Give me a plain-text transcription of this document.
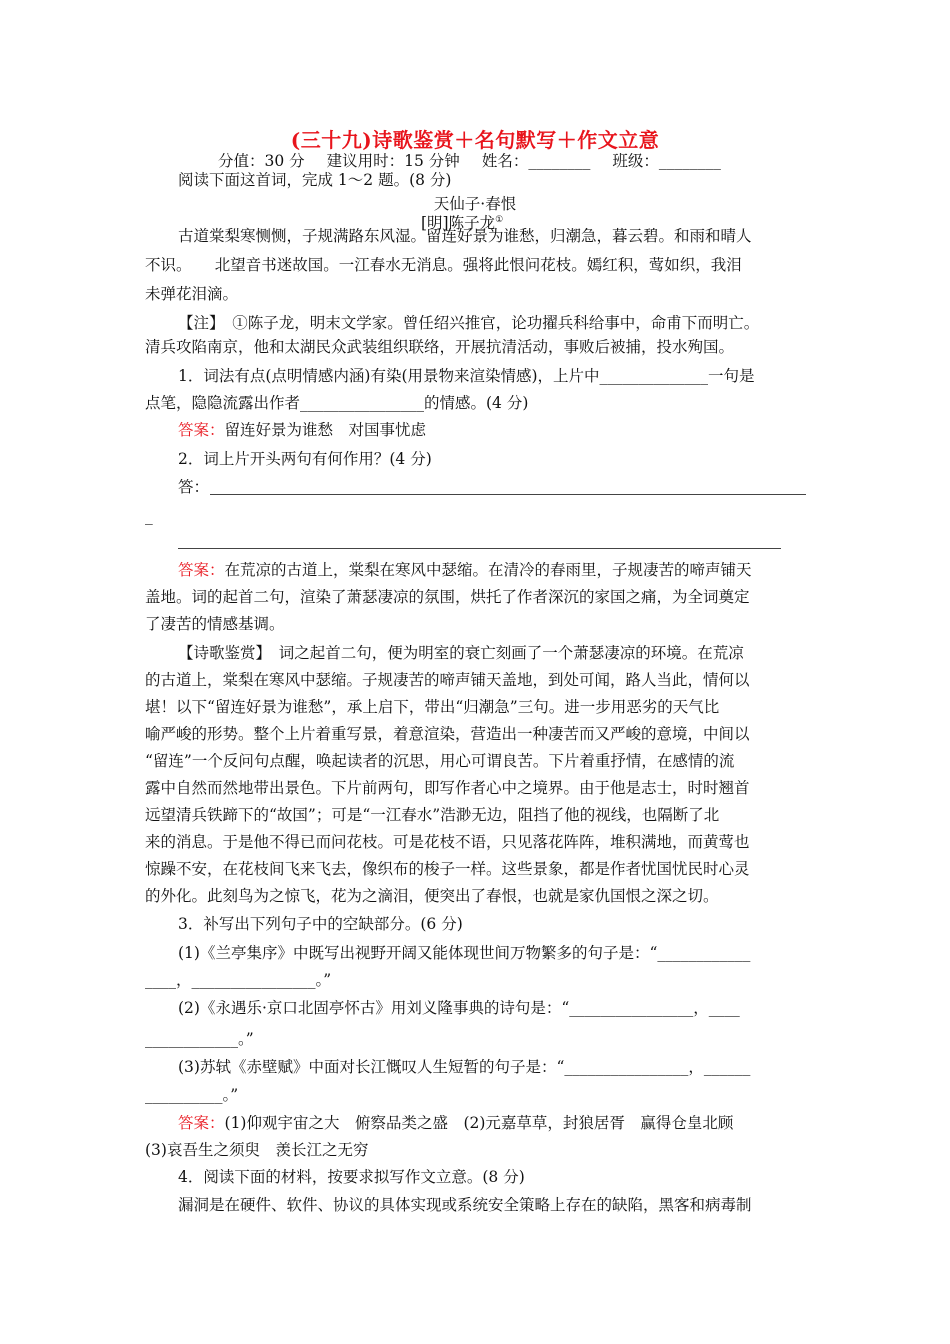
(三十九)诗歌鉴赏＋名句默写＋作文立意
分值：30 分 建议用时：15 分钟 姓名：________ 班级：________
阅读下面这首词，完成 1～2 题。(8 分)
天仙子·春恨
[明]陈子龙①
古道棠梨寒恻恻，子规满路东风湿。留连好景为谁愁，归潮急，暮云碧。和雨和晴人
不识。　　北望音书迷故国。一江春水无消息。强将此恨问花枝。嫣红积，莺如织，我泪
未弹花泪滴。
【注】　①陈子龙，明末文学家。曾任绍兴推官，论功擢兵科给事中，命甫下而明亡。
清兵攻陷南京，他和太湖民众武装组织联络，开展抗清活动，事败后被捕，投水殉国。
1．词法有点(点明情感内涵)有染(用景物来渲染情感)，上片中______________一句是
点笔，隐隐流露出作者________________的情感。(4 分)
答案：留连好景为谁愁　对国事忧虑
2．词上片开头两句有何作用？(4 分)
答：
_
答案：在荒凉的古道上，棠梨在寒风中瑟缩。在清冷的春雨里，子规凄苦的啼声铺天
盖地。词的起首二句，渲染了萧瑟凄凉的氛围，烘托了作者深沉的家国之痛，为全词奠定
了凄苦的情感基调。
【诗歌鉴赏】　词之起首二句，便为明室的衰亡刻画了一个萧瑟凄凉的环境。在荒凉
的古道上，棠梨在寒风中瑟缩。子规凄苦的啼声铺天盖地，到处可闻，路人当此，情何以
堪！以下“留连好景为谁愁”，承上启下，带出“归潮急”三句。进一步用恶劣的天气比
喻严峻的形势。整个上片着重写景，着意渲染，营造出一种凄苦而又严峻的意境，中间以
“留连”一个反问句点醒，唤起读者的沉思，用心可谓良苦。下片着重抒情，在感情的流
露中自然而然地带出景色。下片前两句，即写作者心中之境界。由于他是志士，时时翘首
远望清兵铁蹄下的“故国”；可是“一江春水”浩渺无边，阻挡了他的视线，也隔断了北
来的消息。于是他不得已而问花枝。可是花枝不语，只见落花阵阵，堆积满地，而黄莺也
惊躁不安，在花枝间飞来飞去，像织布的梭子一样。这些景象，都是作者忧国忧民时心灵
的外化。此刻鸟为之惊飞，花为之滴泪，便突出了春恨，也就是家仇国恨之深之切。
3．补写出下列句子中的空缺部分。(6 分)
(1)《兰亭集序》中既写出视野开阔又能体现世间万物繁多的句子是：“____________
____，________________。”
(2)《永遇乐·京口北固亭怀古》用刘义隆事典的诗句是：“________________，____
____________。”
(3)苏轼《赤壁赋》中面对长江慨叹人生短暂的句子是：“________________，______
__________。”
答案：(1)仰观宇宙之大　俯察品类之盛　(2)元嘉草草，封狼居胥　赢得仓皇北顾
(3)哀吾生之须臾　羡长江之无穷
4．阅读下面的材料，按要求拟写作文立意。(8 分)
漏洞是在硬件、软件、协议的具体实现或系统安全策略上存在的缺陷，黑客和病毒制
